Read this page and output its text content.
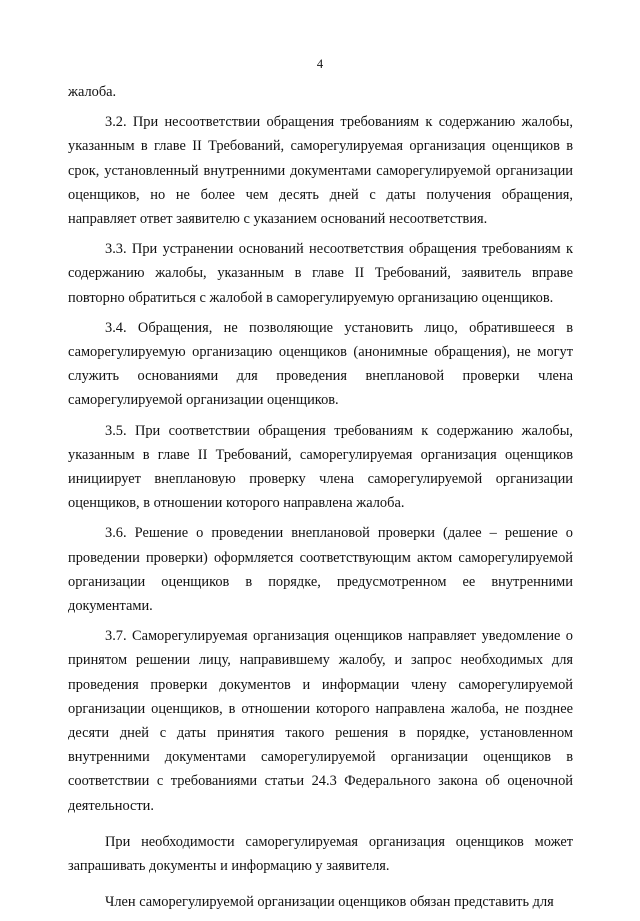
4

жалоба.

3.2. При несоответствии обращения требованиям к содержанию жалобы, указанным в главе II Требований, саморегулируемая организация оценщиков в срок, установленный внутренними документами саморегулируемой организации оценщиков, но не более чем десять дней с даты получения обращения, направляет ответ заявителю с указанием оснований несоответствия.

3.3. При устранении оснований несоответствия обращения требованиям к содержанию жалобы, указанным в главе II Требований, заявитель вправе повторно обратиться с жалобой в саморегулируемую организацию оценщиков.

3.4. Обращения, не позволяющие установить лицо, обратившееся в саморегулируемую организацию оценщиков (анонимные обращения), не могут служить основаниями для проведения внеплановой проверки члена саморегулируемой организации оценщиков.

3.5. При соответствии обращения требованиям к содержанию жалобы, указанным в главе II Требований, саморегулируемая организация оценщиков инициирует внеплановую проверку члена саморегулируемой организации оценщиков, в отношении которого направлена жалоба.

3.6. Решение о проведении внеплановой проверки (далее – решение о проведении проверки) оформляется соответствующим актом саморегулируемой организации оценщиков в порядке, предусмотренном ее внутренними документами.

3.7. Саморегулируемая организация оценщиков направляет уведомление о принятом решении лицу, направившему жалобу, и запрос необходимых для проведения проверки документов и информации члену саморегулируемой организации оценщиков, в отношении которого направлена жалоба, не позднее десяти дней с даты принятия такого решения в порядке, установленном внутренними документами саморегулируемой организации оценщиков в соответствии с требованиями статьи 24.3 Федерального закона об оценочной деятельности.

При необходимости саморегулируемая организация оценщиков может запрашивать документы и информацию у заявителя.

Член саморегулируемой организации оценщиков обязан представить для
